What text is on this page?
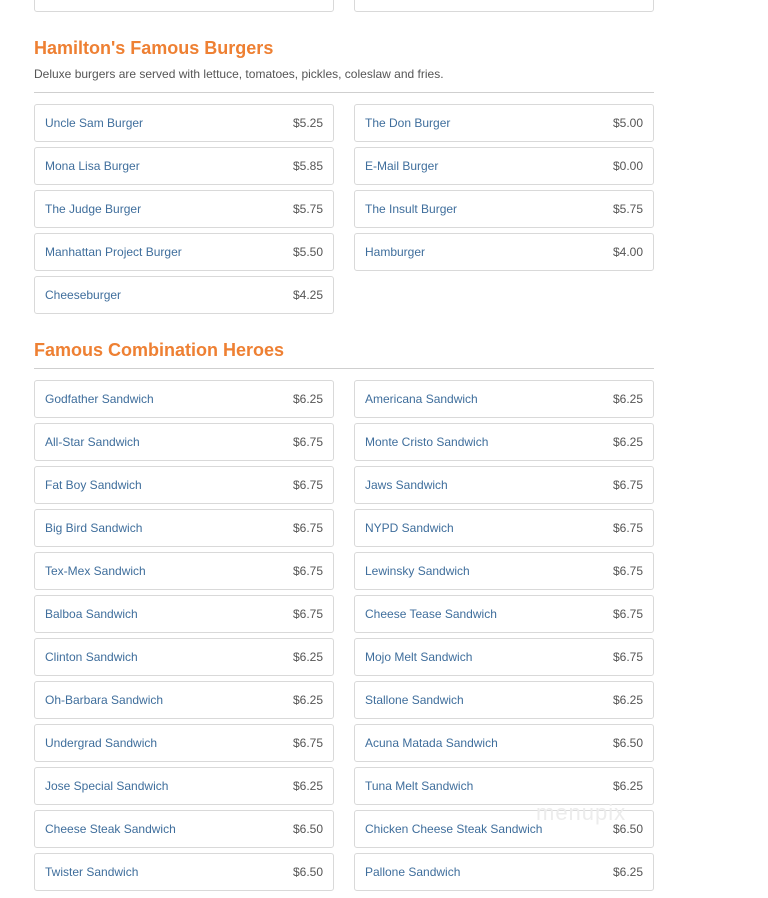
Hamilton's Famous Burgers

Deluxe burgers are served with lettuce, tomatoes, pickles, coleslaw and fries.

Uncle Sam Burger	$5.25	The Don Burger	$5.00
Mona Lisa Burger	$5.85	E-Mail Burger	$0.00
The Judge Burger	$5.75	The Insult Burger	$5.75
Manhattan Project Burger	$5.50	Hamburger	$4.00
Cheeseburger	$4.25
Famous Combination Heroes
Godfather Sandwich	$6.25	Americana Sandwich	$6.25
All-Star Sandwich	$6.75	Monte Cristo Sandwich	$6.25
Fat Boy Sandwich	$6.75	Jaws Sandwich	$6.75
Big Bird Sandwich	$6.75	NYPD Sandwich	$6.75
Tex-Mex Sandwich	$6.75	Lewinsky Sandwich	$6.75
Balboa Sandwich	$6.75	Cheese Tease Sandwich	$6.75
Clinton Sandwich	$6.25	Mojo Melt Sandwich	$6.75
Oh-Barbara Sandwich	$6.25	Stallone Sandwich	$6.25
Undergrad Sandwich	$6.75	Acuna Matada Sandwich	$6.50
Jose Special Sandwich	$6.25	Tuna Melt Sandwich	$6.25
Cheese Steak Sandwich	$6.50	Chicken Cheese Steak Sandwich	$6.50
Twister Sandwich	$6.50	Pallone Sandwich	$6.25
menupix
